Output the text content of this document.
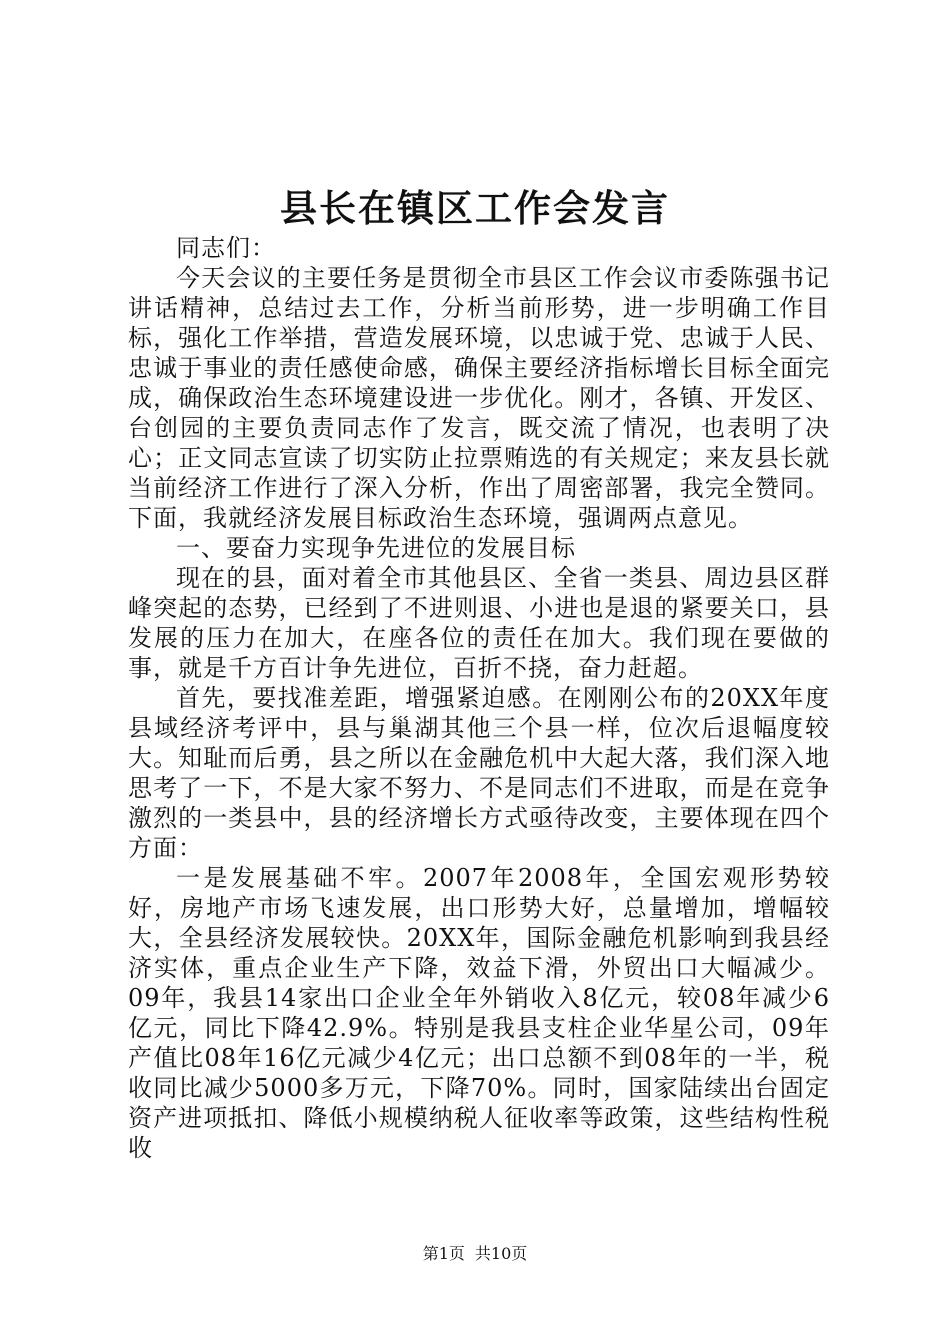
县长在镇区工作会发言

同志们：

今天会议的主要任务是贯彻全市县区工作会议市委陈强书记讲话精神，总结过去工作，分析当前形势，进一步明确工作目标，强化工作举措，营造发展环境，以忠诚于党、忠诚于人民、忠诚于事业的责任感使命感，确保主要经济指标增长目标全面完成，确保政治生态环境建设进一步优化。刚才，各镇、开发区、台创园的主要负责同志作了发言，既交流了情况，也表明了决心；正文同志宣读了切实防止拉票贿选的有关规定；来友县长就当前经济工作进行了深入分析，作出了周密部署，我完全赞同。下面，我就经济发展目标政治生态环境，强调两点意见。

一、要奋力实现争先进位的发展目标

现在的县，面对着全市其他县区、全省一类县、周边县区群峰突起的态势，已经到了不进则退、小进也是退的紧要关口，县发展的压力在加大，在座各位的责任在加大。我们现在要做的事，就是千方百计争先进位，百折不挠，奋力赶超。

首先，要找准差距，增强紧迫感。在刚刚公布的20XX年度县域经济考评中，县与巢湖其他三个县一样，位次后退幅度较大。知耻而后勇，县之所以在金融危机中大起大落，我们深入地思考了一下，不是大家不努力、不是同志们不进取，而是在竞争激烈的一类县中，县的经济增长方式亟待改变，主要体现在四个方面：

一是发展基础不牢。2007年2008年，全国宏观形势较好，房地产市场飞速发展，出口形势大好，总量增加，增幅较大，全县经济发展较快。20XX年，国际金融危机影响到我县经济实体，重点企业生产下降，效益下滑，外贸出口大幅减少。09年，我县14家出口企业全年外销收入8亿元，较08年减少6亿元，同比下降42.9%。特别是我县支柱企业华星公司，09年产值比08年16亿元减少4亿元；出口总额不到08年的一半，税收同比减少5000多万元，下降70%。同时，国家陆续出台固定资产进项抵扣、降低小规模纳税人征收率等政策，这些结构性税收

第1页 共10页
